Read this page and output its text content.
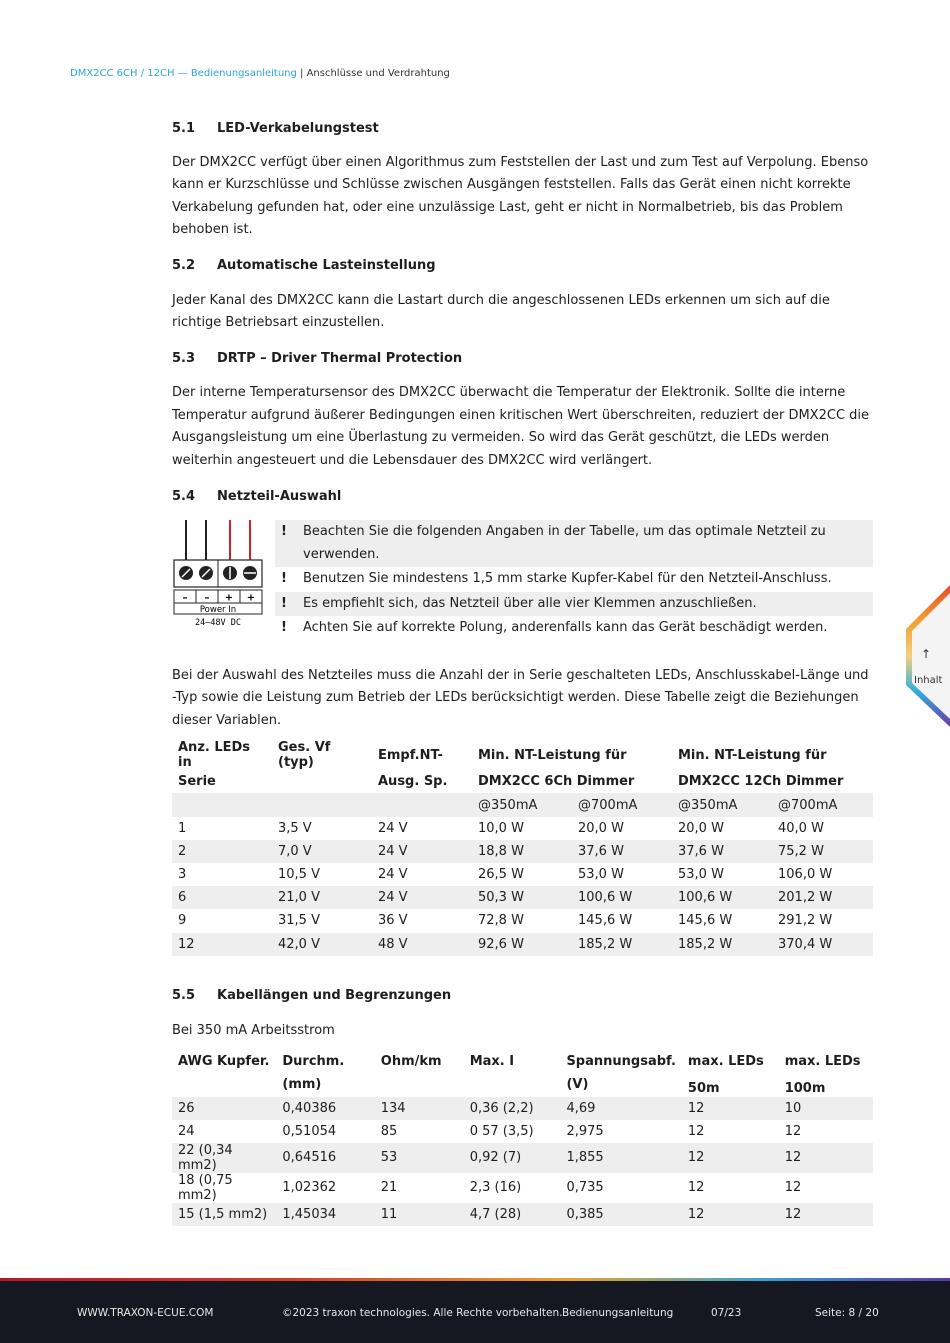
DMX2CC 6CH / 12CH — Bedienungsanleitung | Anschlüsse und Verdrahtung
5.1	LED-Verkabelungstest

Der DMX2CC verfügt über einen Algorithmus zum Feststellen der Last und zum Test auf Verpolung. Ebenso kann er Kurzschlüsse und Schlüsse zwischen Ausgängen feststellen. Falls das Gerät einen nicht korrekte Verkabelung gefunden hat, oder eine unzulässige Last, geht er nicht in Normalbetrieb, bis das Problem behoben ist.

5.2	Automatische Lasteinstellung

Jeder Kanal des DMX2CC kann die Lastart durch die angeschlossenen LEDs erkennen um sich auf die richtige Betriebsart einzustellen.

5.3	DRTP – Driver Thermal Protection

Der interne Temperatursensor des DMX2CC überwacht die Temperatur der Elektronik. Sollte die interne Temperatur aufgrund äußerer Bedingungen einen kritischen Wert überschreiten, reduziert der DMX2CC die Ausgangsleistung um eine Überlastung zu vermeiden. So wird das Gerät geschützt, die LEDs werden weiterhin angesteuert und die Lebensdauer des DMX2CC wird verlängert.

5.4	Netzteil-Auswahl
– – + +
Power In
24–48V DC
!	Beachten Sie die folgenden Angaben in der Tabelle, um das optimale Netzteil zu verwenden.
!	Benutzen Sie mindestens 1,5 mm starke Kupfer-Kabel für den Netzteil-Anschluss.
!	Es empfiehlt sich, das Netzteil über alle vier Klemmen anzuschließen.
!	Achten Sie auf korrekte Polung, anderenfalls kann das Gerät beschädigt werden.

Bei der Auswahl des Netzteiles muss die Anzahl der in Serie geschalteten LEDs, Anschlusskabel-Länge und -Typ sowie die Leistung zum Betrieb der LEDs berücksichtigt werden. Diese Tabelle zeigt die Beziehungen dieser Variablen.

Anz. LEDs in	Ges. Vf (typ)	Empf.NT-	Min. NT-Leistung für		Min. NT-Leistung für	
Serie		Ausg. Sp.	DMX2CC 6Ch Dimmer		DMX2CC 12Ch Dimmer	
			@350mA	@700mA	@350mA	@700mA
1	3,5 V	24 V	10,0 W	20,0 W	20,0 W	40,0 W
2	7,0 V	24 V	18,8 W	37,6 W	37,6 W	75,2 W
3	10,5 V	24 V	26,5 W	53,0 W	53,0 W	106,0 W
6	21,0 V	24 V	50,3 W	100,6 W	100,6 W	201,2 W
9	31,5 V	36 V	72,8 W	145,6 W	145,6 W	291,2 W
12	42,0 V	48 V	92,6 W	185,2 W	185,2 W	370,4 W
5.5	Kabellängen und Begrenzungen

Bei 350 mA Arbeitsstrom

AWG Kupfer.	Durchm.	Ohm/km	Max. I	Spannungsabf.	max. LEDs	max. LEDs
	(mm)			(V)	50m	100m
26	0,40386	134	0,36 (2,2)	4,69	12	10
24	0,51054	85	0 57 (3,5)	2,975	12	12
22 (0,34 mm2)	0,64516	53	0,92 (7)	1,855	12	12
18 (0,75 mm2)	1,02362	21	2,3 (16)	0,735	12	12
15 (1,5 mm2)	1,45034	11	4,7 (28)	0,385	12	12
↑
Inhalt
WWW.TRAXON-ECUE.COM	©2023 traxon technologies. Alle Rechte vorbehalten. Bedienungsanleitung	07/23	Seite: 8 / 20
